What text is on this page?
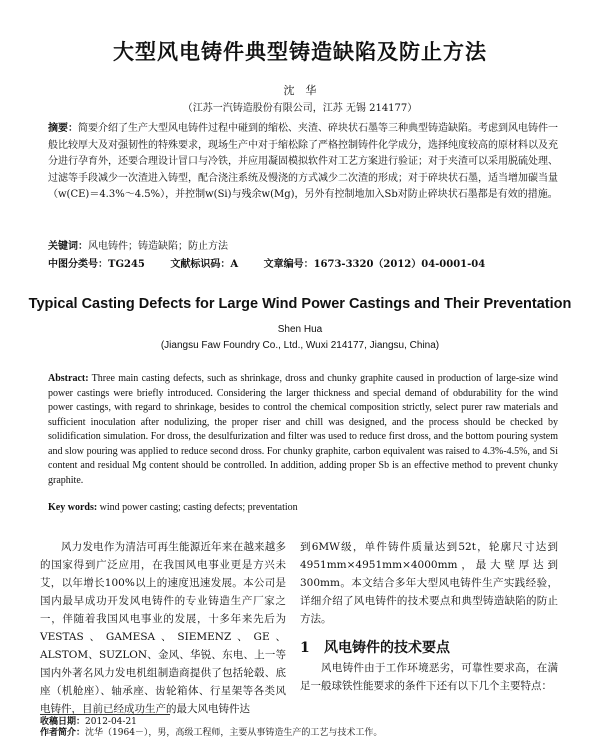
大型风电铸件典型铸造缺陷及防止方法
沈　华
（江苏一汽铸造股份有限公司，江苏 无锡 214177）
摘要：简要介绍了生产大型风电铸件过程中碰到的缩松、夹渣、碎块状石墨等三种典型铸造缺陷。考虑到风电铸件一般比较厚大及对强韧性的特殊要求，现场生产中对于缩松除了严格控制铸件化学成分，选择纯度较高的原材料以及充分进行孕育外，还要合理设计冒口与冷铁，并应用凝固模拟软件对工艺方案进行验证；对于夹渣可以采用脱硫处理、过滤等手段减少一次渣进入铸型，配合浇注系统及慢浇的方式减少二次渣的形成；对于碎块状石墨，适当增加碳当量（w(CE)＝4.3%～4.5%），并控制w(Si)与残余w(Mg)，另外有控制地加入Sb对防止碎块状石墨都是有效的措施。
关键词：风电铸件；铸造缺陷；防止方法
中图分类号：TG245	文献标识码：A	文章编号：1673-3320（2012）04-0001-04
Typical Casting Defects for Large Wind Power Castings and Their Preventation
Shen Hua
(Jiangsu Faw Foundry Co., Ltd., Wuxi 214177, Jiangsu, China)
Abstract: Three main casting defects, such as shrinkage, dross and chunky graphite caused in production of large-size wind power castings were briefly introduced. Considering the larger thickness and special demand of obdurability for the wind power castings, with regard to shrinkage, besides to control the chemical composition strictly, select purer raw materials and sufficient inoculation after nodulizing, the proper riser and chill was designed, and the process should be checked by solidification simulation. For dross, the desulfurization and filter was used to reduce first dross, and the bottom pouring system and slow pouring was applied to reduce second dross. For chunky graphite, carbon equivalent was raised to 4.3%-4.5%, and Si content and residual Mg content should be controlled. In addition, adding proper Sb is an effective method to prevent chunky graphite.
Key words: wind power casting; casting defects; preventation
风力发电作为清洁可再生能源近年来在越来越多的国家得到广泛应用，在我国风电事业更是方兴未艾，以年增长100%以上的速度迅速发展。本公司是国内最早成功开发风电铸件的专业铸造生产厂家之一，伴随着我国风电事业的发展，十多年来先后为VESTAS、GAMESA、SIEMENZ、GE、ALSTOM、SUZLON、金风、华锐、东电、上一等国内外著名风力发电机组制造商提供了包括轮毂、底座（机舱座）、轴承座、齿轮箱体、行星架等各类风电铸件，目前已经成功生产的最大风电铸件达

到6MW级，单件铸件质量达到52t，轮廓尺寸达到4951mm×4951mm×4000mm，最大壁厚达到300mm。本文结合多年大型风电铸件生产实践经验，详细介绍了风电铸件的技术要点和典型铸造缺陷的防止方法。

1 风电铸件的技术要点
风电铸件由于工作环境恶劣，可靠性要求高，在满足一般球铁性能要求的条件下还有以下几个主要特点：
收稿日期：2012-04-21
作者简介：沈华（1964－），男，高级工程师，主要从事铸造生产的工艺与技术工作。
